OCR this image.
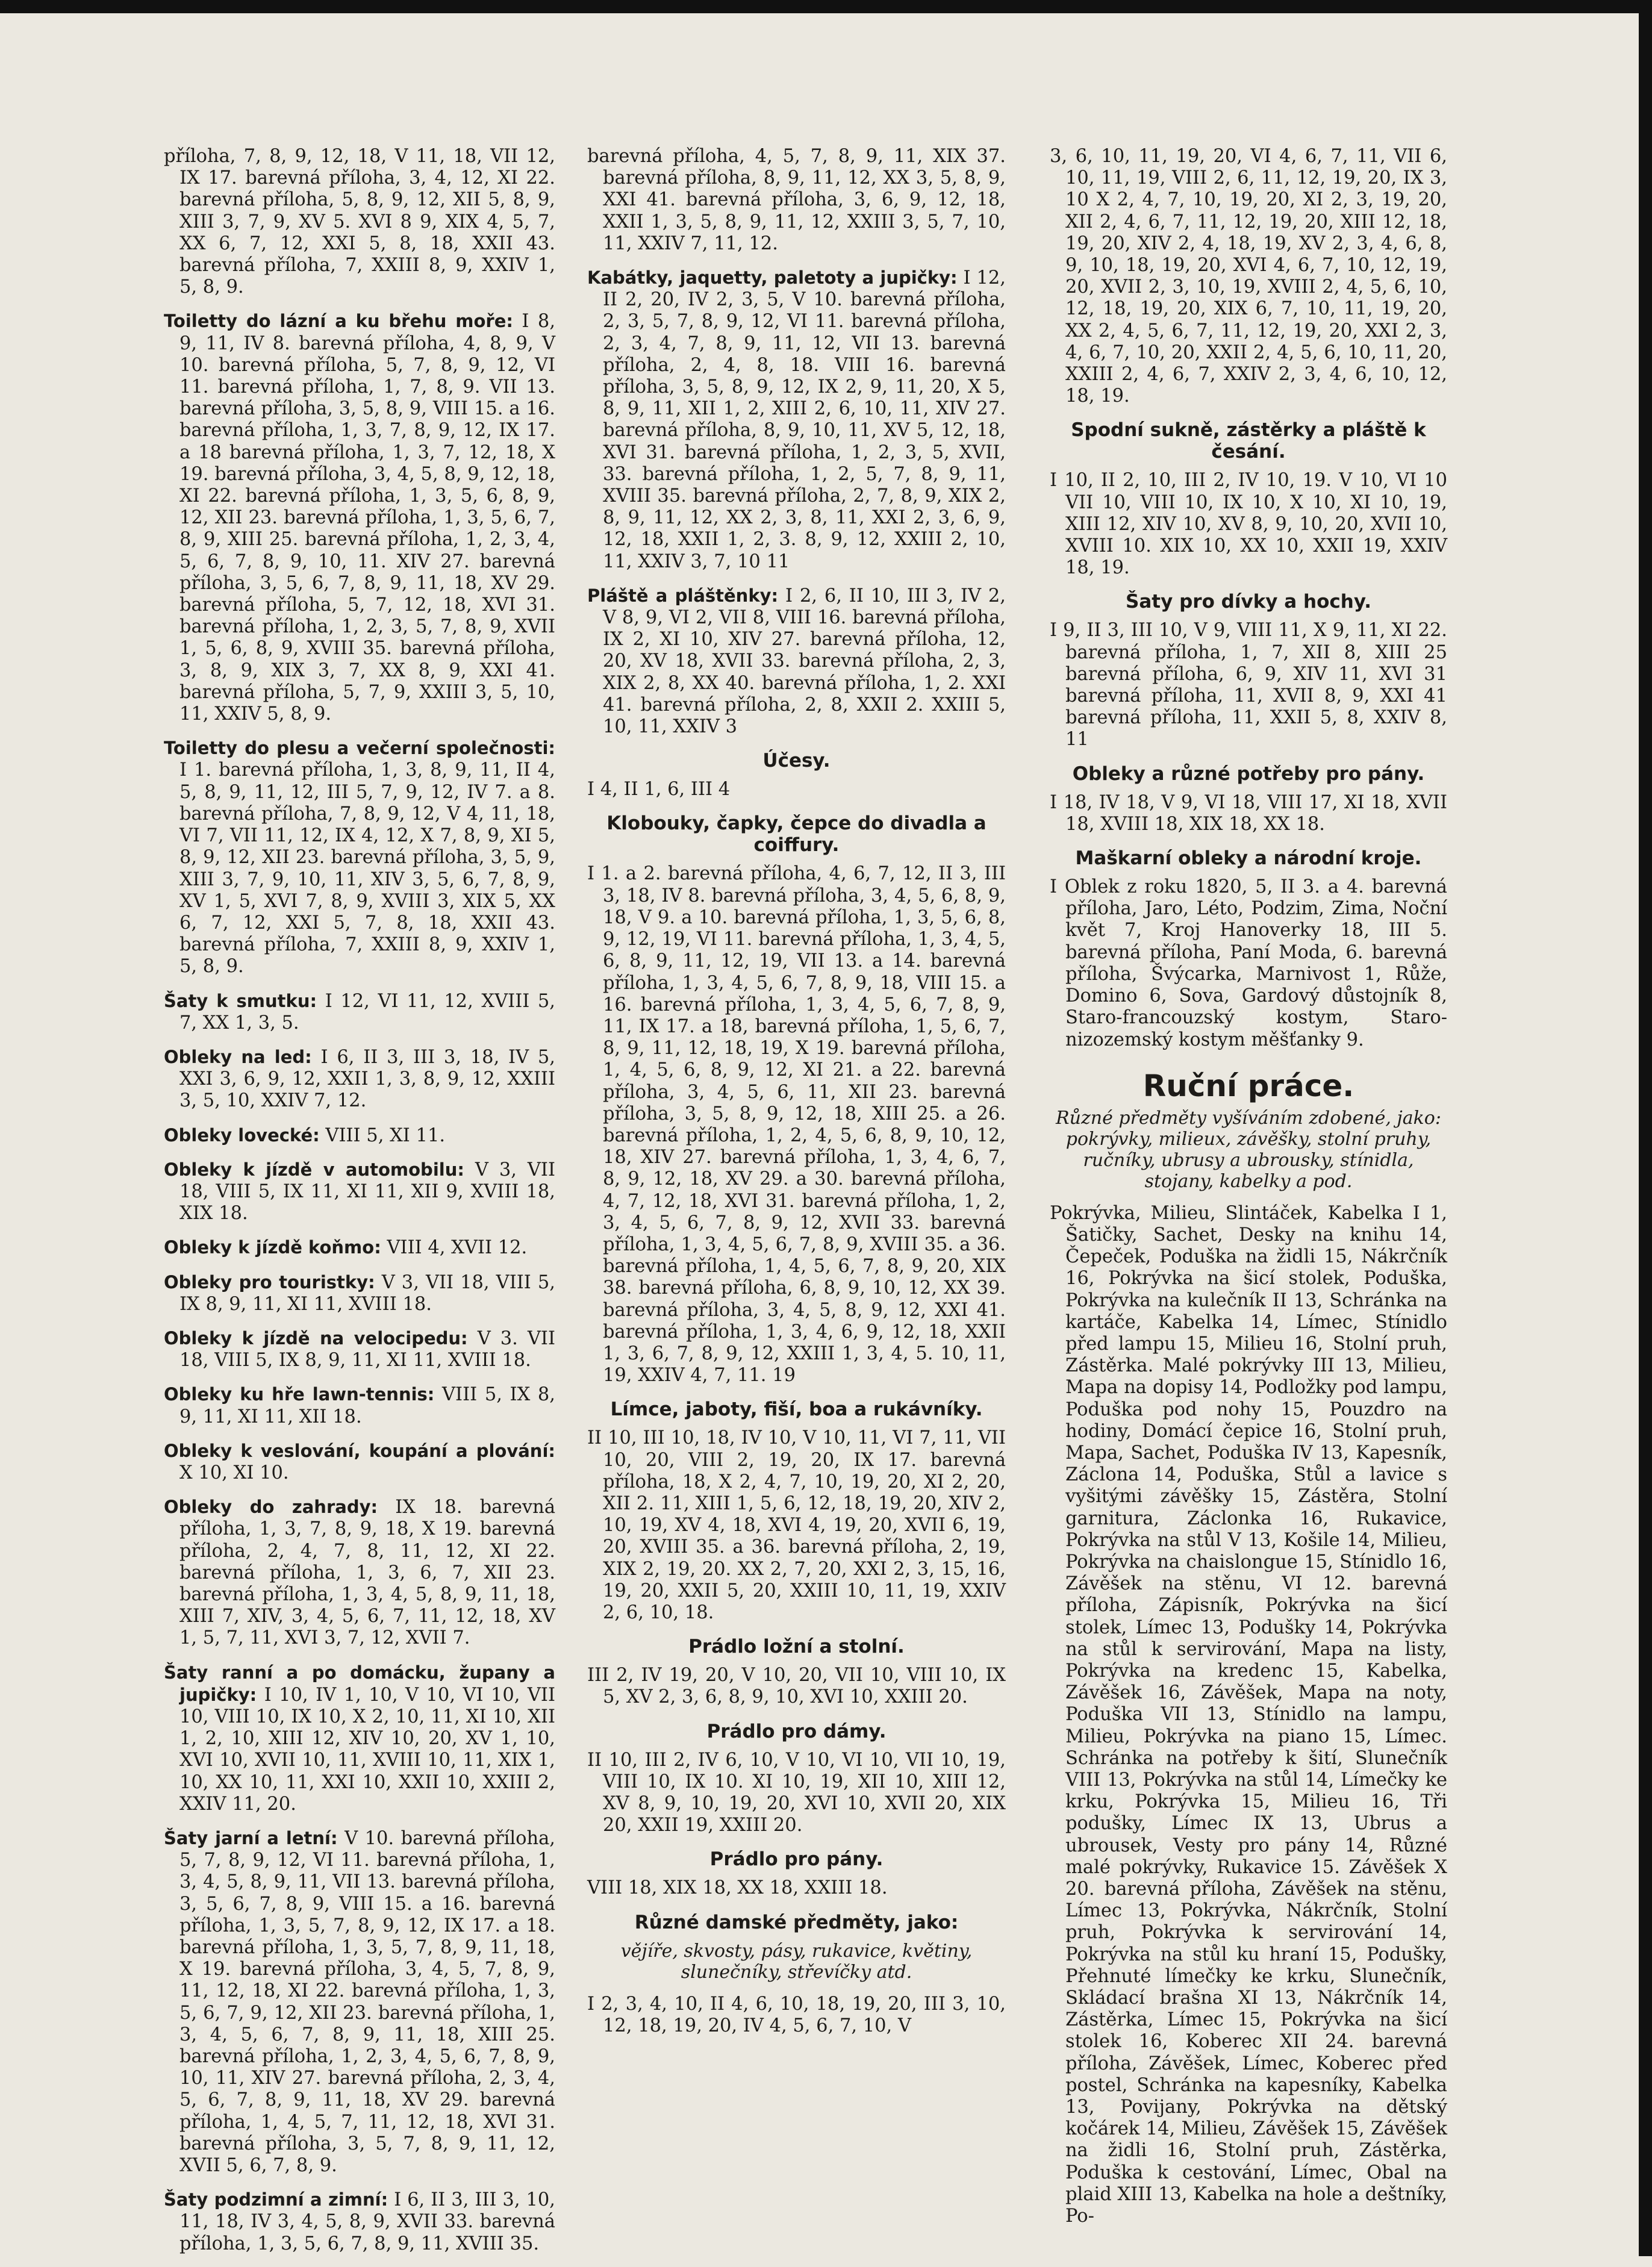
příloha, 7, 8, 9, 12, 18, V 11, 18, VII 12, IX 17. barevná příloha, 3, 4, 12, XI 22. barevná příloha, 5, 8, 9, 12, XII 5, 8, 9, XIII 3, 7, 9, XV 5. XVI 8 9, XIX 4, 5, 7, XX 6, 7, 12, XXI 5, 8, 18, XXII 43. barevná příloha, 7, XXIII 8, 9, XXIV 1, 5, 8, 9.

Toiletty do lázní a ku břehu moře: I 8, 9, 11, IV 8. barevná příloha, 4, 8, 9, V 10. barevná příloha, 5, 7, 8, 9, 12, VI 11. barevná příloha, 1, 7, 8, 9. VII 13. barevná příloha, 3, 5, 8, 9, VIII 15. a 16. barevná příloha, 1, 3, 7, 8, 9, 12, IX 17. a 18 barevná příloha, 1, 3, 7, 12, 18, X 19. barevná příloha, 3, 4, 5, 8, 9, 12, 18, XI 22. barevná příloha, 1, 3, 5, 6, 8, 9, 12, XII 23. barevná příloha, 1, 3, 5, 6, 7, 8, 9, XIII 25. barevná příloha, 1, 2, 3, 4, 5, 6, 7, 8, 9, 10, 11. XIV 27. barevná příloha, 3, 5, 6, 7, 8, 9, 11, 18, XV 29. barevná příloha, 5, 7, 12, 18, XVI 31. barevná příloha, 1, 2, 3, 5, 7, 8, 9, XVII 1, 5, 6, 8, 9, XVIII 35. barevná příloha, 3, 8, 9, XIX 3, 7, XX 8, 9, XXI 41. barevná příloha, 5, 7, 9, XXIII 3, 5, 10, 11, XXIV 5, 8, 9.

Toiletty do plesu a večerní společnosti: I 1. barevná příloha, 1, 3, 8, 9, 11, II 4, 5, 8, 9, 11, 12, III 5, 7, 9, 12, IV 7. a 8. barevná příloha, 7, 8, 9, 12, V 4, 11, 18, VI 7, VII 11, 12, IX 4, 12, X 7, 8, 9, XI 5, 8, 9, 12, XII 23. barevná příloha, 3, 5, 9, XIII 3, 7, 9, 10, 11, XIV 3, 5, 6, 7, 8, 9, XV 1, 5, XVI 7, 8, 9, XVIII 3, XIX 5, XX 6, 7, 12, XXI 5, 7, 8, 18, XXII 43. barevná příloha, 7, XXIII 8, 9, XXIV 1, 5, 8, 9.

Šaty k smutku: I 12, VI 11, 12, XVIII 5, 7, XX 1, 3, 5.

Obleky na led: I 6, II 3, III 3, 18, IV 5, XXI 3, 6, 9, 12, XXII 1, 3, 8, 9, 12, XXIII 3, 5, 10, XXIV 7, 12.

Obleky lovecké: VIII 5, XI 11.

Obleky k jízdě v automobilu: V 3, VII 18, VIII 5, IX 11, XI 11, XII 9, XVIII 18, XIX 18.

Obleky k jízdě koňmo: VIII 4, XVII 12.

Obleky pro touristky: V 3, VII 18, VIII 5, IX 8, 9, 11, XI 11, XVIII 18.

Obleky k jízdě na velocipedu: V 3. VII 18, VIII 5, IX 8, 9, 11, XI 11, XVIII 18.

Obleky ku hře lawn-tennis: VIII 5, IX 8, 9, 11, XI 11, XII 18.

Obleky k veslování, koupání a plování: X 10, XI 10.

Obleky do zahrady: IX 18. barevná příloha, 1, 3, 7, 8, 9, 18, X 19. barevná příloha, 2, 4, 7, 8, 11, 12, XI 22. barevná příloha, 1, 3, 6, 7, XII 23. barevná příloha, 1, 3, 4, 5, 8, 9, 11, 18, XIII 7, XIV, 3, 4, 5, 6, 7, 11, 12, 18, XV 1, 5, 7, 11, XVI 3, 7, 12, XVII 7.

Šaty ranní a po domácku, župany a jupičky: I 10, IV 1, 10, V 10, VI 10, VII 10, VIII 10, IX 10, X 2, 10, 11, XI 10, XII 1, 2, 10, XIII 12, XIV 10, 20, XV 1, 10, XVI 10, XVII 10, 11, XVIII 10, 11, XIX 1, 10, XX 10, 11, XXI 10, XXII 10, XXIII 2, XXIV 11, 20.

Šaty jarní a letní: V 10. barevná příloha, 5, 7, 8, 9, 12, VI 11. barevná příloha, 1, 3, 4, 5, 8, 9, 11, VII 13. barevná příloha, 3, 5, 6, 7, 8, 9, VIII 15. a 16. barevná příloha, 1, 3, 5, 7, 8, 9, 12, IX 17. a 18. barevná příloha, 1, 3, 5, 7, 8, 9, 11, 18, X 19. barevná příloha, 3, 4, 5, 7, 8, 9, 11, 12, 18, XI 22. barevná příloha, 1, 3, 5, 6, 7, 9, 12, XII 23. barevná příloha, 1, 3, 4, 5, 6, 7, 8, 9, 11, 18, XIII 25. barevná příloha, 1, 2, 3, 4, 5, 6, 7, 8, 9, 10, 11, XIV 27. barevná příloha, 2, 3, 4, 5, 6, 7, 8, 9, 11, 18, XV 29. barevná příloha, 1, 4, 5, 7, 11, 12, 18, XVI 31. barevná příloha, 3, 5, 7, 8, 9, 11, 12, XVII 5, 6, 7, 8, 9.

Šaty podzimní a zimní: I 6, II 3, III 3, 10, 11, 18, IV 3, 4, 5, 8, 9, XVII 33. barevná příloha, 1, 3, 5, 6, 7, 8, 9, 11, XVIII 35.

barevná příloha, 4, 5, 7, 8, 9, 11, XIX 37. barevná příloha, 8, 9, 11, 12, XX 3, 5, 8, 9, XXI 41. barevná příloha, 3, 6, 9, 12, 18, XXII 1, 3, 5, 8, 9, 11, 12, XXIII 3, 5, 7, 10, 11, XXIV 7, 11, 12.

Kabátky, jaquetty, paletoty a jupičky: I 12, II 2, 20, IV 2, 3, 5, V 10. barevná příloha, 2, 3, 5, 7, 8, 9, 12, VI 11. barevná příloha, 2, 3, 4, 7, 8, 9, 11, 12, VII 13. barevná příloha, 2, 4, 8, 18. VIII 16. barevná příloha, 3, 5, 8, 9, 12, IX 2, 9, 11, 20, X 5, 8, 9, 11, XII 1, 2, XIII 2, 6, 10, 11, XIV 27. barevná příloha, 8, 9, 10, 11, XV 5, 12, 18, XVI 31. barevná příloha, 1, 2, 3, 5, XVII, 33. barevná příloha, 1, 2, 5, 7, 8, 9, 11, XVIII 35. barevná příloha, 2, 7, 8, 9, XIX 2, 8, 9, 11, 12, XX 2, 3, 8, 11, XXI 2, 3, 6, 9, 12, 18, XXII 1, 2, 3. 8, 9, 12, XXIII 2, 10, 11, XXIV 3, 7, 10 11

Pláště a pláštěnky: I 2, 6, II 10, III 3, IV 2, V 8, 9, VI 2, VII 8, VIII 16. barevná příloha, IX 2, XI 10, XIV 27. barevná příloha, 12, 20, XV 18, XVII 33. barevná příloha, 2, 3, XIX 2, 8, XX 40. barevná příloha, 1, 2. XXI 41. barevná příloha, 2, 8, XXII 2. XXIII 5, 10, 11, XXIV 3

Účesy.

I 4, II 1, 6, III 4

Klobouky, čapky, čepce do divadla a coiffury.

I 1. a 2. barevná příloha, 4, 6, 7, 12, II 3, III 3, 18, IV 8. barevná příloha, 3, 4, 5, 6, 8, 9, 18, V 9. a 10. barevná příloha, 1, 3, 5, 6, 8, 9, 12, 19, VI 11. barevná příloha, 1, 3, 4, 5, 6, 8, 9, 11, 12, 19, VII 13. a 14. barevná příloha, 1, 3, 4, 5, 6, 7, 8, 9, 18, VIII 15. a 16. barevná příloha, 1, 3, 4, 5, 6, 7, 8, 9, 11, IX 17. a 18, barevná příloha, 1, 5, 6, 7, 8, 9, 11, 12, 18, 19, X 19. barevná příloha, 1, 4, 5, 6, 8, 9, 12, XI 21. a 22. barevná příloha, 3, 4, 5, 6, 11, XII 23. barevná příloha, 3, 5, 8, 9, 12, 18, XIII 25. a 26. barevná příloha, 1, 2, 4, 5, 6, 8, 9, 10, 12, 18, XIV 27. barevná příloha, 1, 3, 4, 6, 7, 8, 9, 12, 18, XV 29. a 30. barevná příloha, 4, 7, 12, 18, XVI 31. barevná příloha, 1, 2, 3, 4, 5, 6, 7, 8, 9, 12, XVII 33. barevná příloha, 1, 3, 4, 5, 6, 7, 8, 9, XVIII 35. a 36. barevná příloha, 1, 4, 5, 6, 7, 8, 9, 20, XIX 38. barevná příloha, 6, 8, 9, 10, 12, XX 39. barevná příloha, 3, 4, 5, 8, 9, 12, XXI 41. barevná příloha, 1, 3, 4, 6, 9, 12, 18, XXII 1, 3, 6, 7, 8, 9, 12, XXIII 1, 3, 4, 5. 10, 11, 19, XXIV 4, 7, 11. 19

Límce, jaboty, fiší, boa a rukávníky.

II 10, III 10, 18, IV 10, V 10, 11, VI 7, 11, VII 10, 20, VIII 2, 19, 20, IX 17. barevná příloha, 18, X 2, 4, 7, 10, 19, 20, XI 2, 20, XII 2. 11, XIII 1, 5, 6, 12, 18, 19, 20, XIV 2, 10, 19, XV 4, 18, XVI 4, 19, 20, XVII 6, 19, 20, XVIII 35. a 36. barevná příloha, 2, 19, XIX 2, 19, 20. XX 2, 7, 20, XXI 2, 3, 15, 16, 19, 20, XXII 5, 20, XXIII 10, 11, 19, XXIV 2, 6, 10, 18.

Prádlo ložní a stolní.

III 2, IV 19, 20, V 10, 20, VII 10, VIII 10, IX 5, XV 2, 3, 6, 8, 9, 10, XVI 10, XXIII 20.

Prádlo pro dámy.

II 10, III 2, IV 6, 10, V 10, VI 10, VII 10, 19, VIII 10, IX 10. XI 10, 19, XII 10, XIII 12, XV 8, 9, 10, 19, 20, XVI 10, XVII 20, XIX 20, XXII 19, XXIII 20.

Prádlo pro pány.

VIII 18, XIX 18, XX 18, XXIII 18.

Různé damské předměty, jako:

vějíře, skvosty, pásy, rukavice, květiny, slunečníky, střevíčky atd.

I 2, 3, 4, 10, II 4, 6, 10, 18, 19, 20, III 3, 10, 12, 18, 19, 20, IV 4, 5, 6, 7, 10, V

3, 6, 10, 11, 19, 20, VI 4, 6, 7, 11, VII 6, 10, 11, 19, VIII 2, 6, 11, 12, 19, 20, IX 3, 10 X 2, 4, 7, 10, 19, 20, XI 2, 3, 19, 20, XII 2, 4, 6, 7, 11, 12, 19, 20, XIII 12, 18, 19, 20, XIV 2, 4, 18, 19, XV 2, 3, 4, 6, 8, 9, 10, 18, 19, 20, XVI 4, 6, 7, 10, 12, 19, 20, XVII 2, 3, 10, 19, XVIII 2, 4, 5, 6, 10, 12, 18, 19, 20, XIX 6, 7, 10, 11, 19, 20, XX 2, 4, 5, 6, 7, 11, 12, 19, 20, XXI 2, 3, 4, 6, 7, 10, 20, XXII 2, 4, 5, 6, 10, 11, 20, XXIII 2, 4, 6, 7, XXIV 2, 3, 4, 6, 10, 12, 18, 19.

Spodní sukně, zástěrky a pláště k česání.

I 10, II 2, 10, III 2, IV 10, 19. V 10, VI 10 VII 10, VIII 10, IX 10, X 10, XI 10, 19, XIII 12, XIV 10, XV 8, 9, 10, 20, XVII 10, XVIII 10. XIX 10, XX 10, XXII 19, XXIV 18, 19.

Šaty pro dívky a hochy.

I 9, II 3, III 10, V 9, VIII 11, X 9, 11, XI 22. barevná příloha, 1, 7, XII 8, XIII 25 barevná příloha, 6, 9, XIV 11, XVI 31 barevná příloha, 11, XVII 8, 9, XXI 41 barevná příloha, 11, XXII 5, 8, XXIV 8, 11

Obleky a různé potřeby pro pány.

I 18, IV 18, V 9, VI 18, VIII 17, XI 18, XVII 18, XVIII 18, XIX 18, XX 18.

Maškarní obleky a národní kroje.

I Oblek z roku 1820, 5, II 3. a 4. barevná příloha, Jaro, Léto, Podzim, Zima, Noční květ 7, Kroj Hanoverky 18, III 5. barevná příloha, Paní Moda, 6. barevná příloha, Švýcarka, Marnivost 1, Růže, Domino 6, Sova, Gardový důstojník 8, Staro-francouzský kostym, Staro-nizozemský kostym měšťanky 9.

Ruční práce.

Různé předměty vyšíváním zdobené, jako: pokrývky, milieux, závěšky, stolní pruhy, ručníky, ubrusy a ubrousky, stínidla, stojany, kabelky a pod.

Pokrývka, Milieu, Slintáček, Kabelka I 1, Šatičky, Sachet, Desky na knihu 14, Čepeček, Poduška na židli 15, Nákrčník 16, Pokrývka na šicí stolek, Poduška, Pokrývka na kulečník II 13, Schránka na kartáče, Kabelka 14, Límec, Stínidlo před lampu 15, Milieu 16, Stolní pruh, Zástěrka. Malé pokrývky III 13, Milieu, Mapa na dopisy 14, Podložky pod lampu, Poduška pod nohy 15, Pouzdro na hodiny, Domácí čepice 16, Stolní pruh, Mapa, Sachet, Poduška IV 13, Kapesník, Záclona 14, Poduška, Stůl a lavice s vyšitými závěšky 15, Zástěra, Stolní garnitura, Záclonka 16, Rukavice, Pokrývka na stůl V 13, Košile 14, Milieu, Pokrývka na chaislongue 15, Stínidlo 16, Závěšek na stěnu, VI 12. barevná příloha, Zápisník, Pokrývka na šicí stolek, Límec 13, Podušky 14, Pokrývka na stůl k servirování, Mapa na listy, Pokrývka na kredenc 15, Kabelka, Závěšek 16, Závěšek, Mapa na noty, Poduška VII 13, Stínidlo na lampu, Milieu, Pokrývka na piano 15, Límec. Schránka na potřeby k šití, Slunečník VIII 13, Pokrývka na stůl 14, Límečky ke krku, Pokrývka 15, Milieu 16, Tři podušky, Límec IX 13, Ubrus a ubrousek, Vesty pro pány 14, Různé malé pokrývky, Rukavice 15. Závěšek X 20. barevná příloha, Závěšek na stěnu, Límec 13, Pokrývka, Nákrčník, Stolní pruh, Pokrývka k servirování 14, Pokrývka na stůl ku hraní 15, Podušky, Přehnuté límečky ke krku, Slunečník, Skládací brašna XI 13, Nákrčník 14, Zástěrka, Límec 15, Pokrývka na šicí stolek 16, Koberec XII 24. barevná příloha, Závěšek, Límec, Koberec před postel, Schránka na kapesníky, Kabelka 13, Povijany, Pokrývka na dětský kočárek 14, Milieu, Závěšek 15, Závěšek na židli 16, Stolní pruh, Zástěrka, Poduška k cestování, Límec, Obal na plaid XIII 13, Kabelka na hole a deštníky, Po-
